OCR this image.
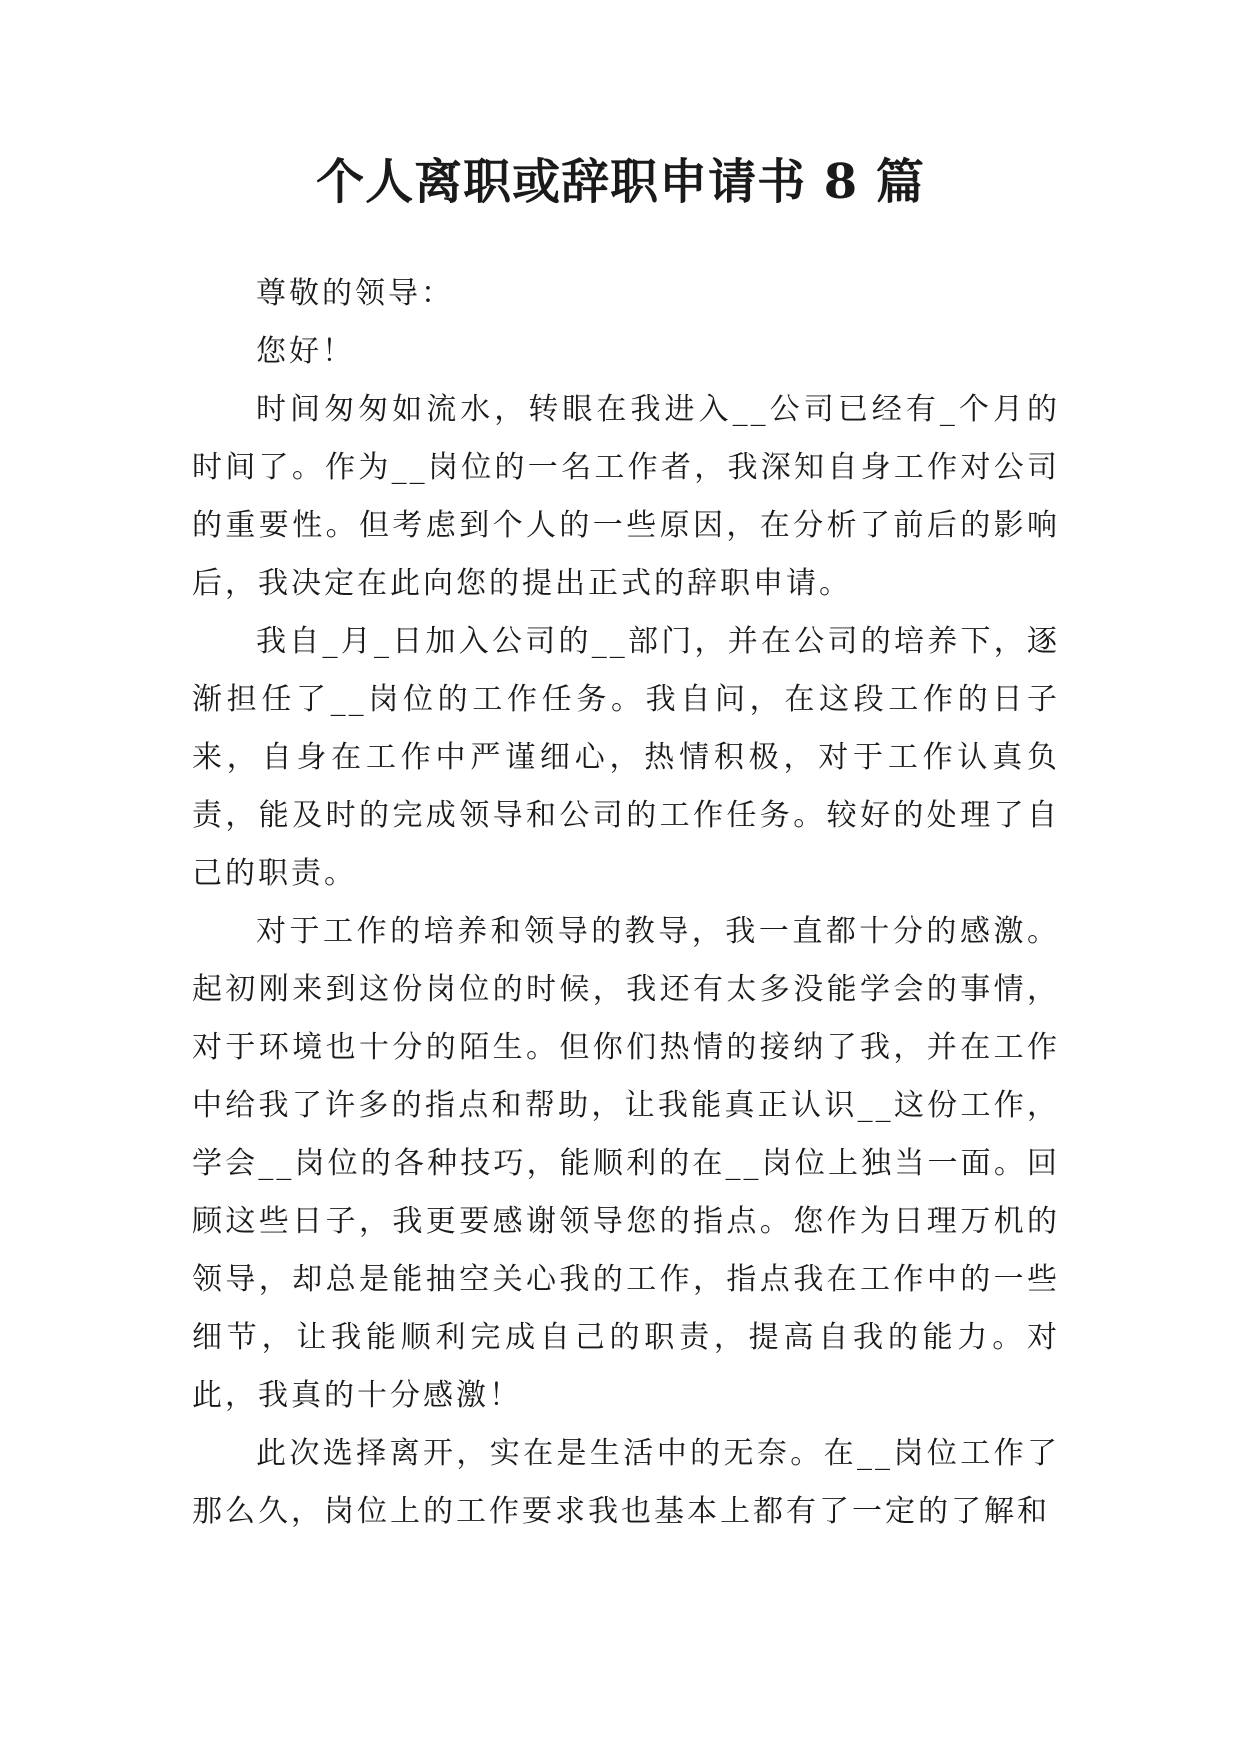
个人离职或辞职申请书 8 篇

尊敬的领导：

您好！

时间匆匆如流水，转眼在我进入__公司已经有_个月的时间了。作为__岗位的一名工作者，我深知自身工作对公司的重要性。但考虑到个人的一些原因，在分析了前后的影响后，我决定在此向您的提出正式的辞职申请。

我自_月_日加入公司的__部门，并在公司的培养下，逐渐担任了__岗位的工作任务。我自问，在这段工作的日子来，自身在工作中严谨细心，热情积极，对于工作认真负责，能及时的完成领导和公司的工作任务。较好的处理了自己的职责。

对于工作的培养和领导的教导，我一直都十分的感激。起初刚来到这份岗位的时候，我还有太多没能学会的事情，对于环境也十分的陌生。但你们热情的接纳了我，并在工作中给我了许多的指点和帮助，让我能真正认识__这份工作，学会__岗位的各种技巧，能顺利的在__岗位上独当一面。回顾这些日子，我更要感谢领导您的指点。您作为日理万机的领导，却总是能抽空关心我的工作，指点我在工作中的一些细节，让我能顺利完成自己的职责，提高自我的能力。对此，我真的十分感激！

此次选择离开，实在是生活中的无奈。在__岗位工作了那么久，岗位上的工作要求我也基本上都有了一定的了解和
